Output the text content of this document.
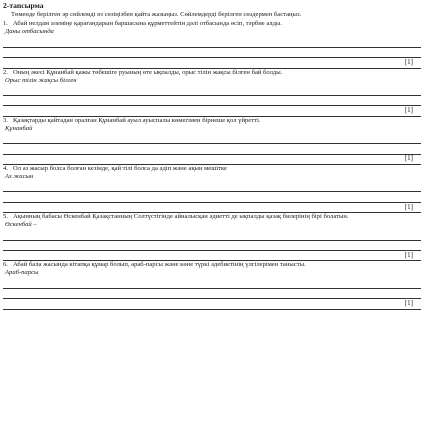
2-тапсырма

Төмендe берілген әр сөйлемді өз сөзіңізбен қайта жазыңыз. Сөйлемдерді берілген сөздермен бастаңыз.

1. Абай нелдам әлеміңе қарағандарын баршасына құрметтейтін дәлі отбасында өсіп, тәрбие алды.
Даны отбасында
[1]
2. Оның әкесі Құнанбай қажы төбешіге руының өте ықпалды, орыс тілін жақсы білген бай болды.
Орыс тілін жақсы білген
[1]
3. Қазақтарды қайтадан оралған Құнанбай ауыл ауыспалы көмегімен бірнеше қол үйретті.
Құнанбай
[1]
4. Ол аз жасыр болса болған кезінде, қай тілі болса да әдіп және ақын мешітке
Аз жасын
[1]
5. Ақынның бабасы Өскенбай Қазақстанның Солтүстігінде айналысқан әдиетті де ықпалды қазақ билерінің бірі болатын.
Өскенбай –
[1]
6. Абай бала жасында кітапқа құмар болып, араб-парсы және көне түркі әдебиетінің үлгілерімен танысты.
Араб-парсы
[1]
